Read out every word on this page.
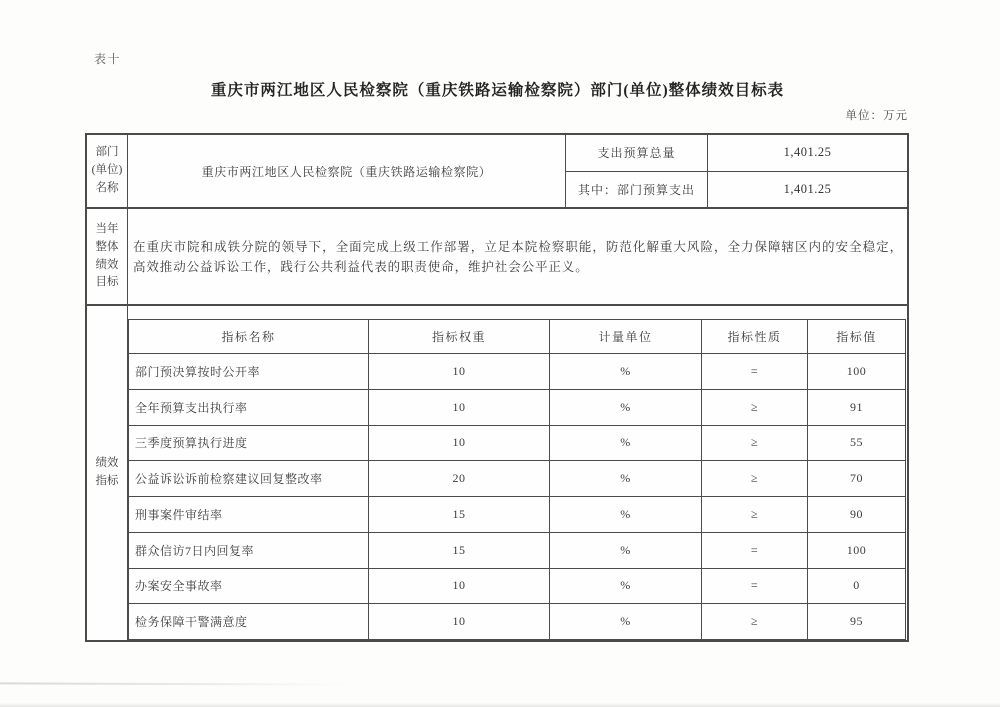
表十
重庆市两江地区人民检察院（重庆铁路运输检察院）部门(单位)整体绩效目标表
单位：万元
部门
(单位)
名称
重庆市两江地区人民检察院（重庆铁路运输检察院）
支出预算总量	1,401.25
其中：部门预算支出	1,401.25
当年
整体
绩效
目标
在重庆市院和成铁分院的领导下，全面完成上级工作部署，立足本院检察职能，防范化解重大风险，全力保障辖区内的安全稳定，高效推动公益诉讼工作，践行公共利益代表的职责使命，维护社会公平正义。
绩效
指标
指标名称	指标权重	计量单位	指标性质	指标值
部门预决算按时公开率	10	%	=	100
全年预算支出执行率	10	%	≥	91
三季度预算执行进度	10	%	≥	55
公益诉讼诉前检察建议回复整改率	20	%	≥	70
刑事案件审结率	15	%	≥	90
群众信访7日内回复率	15	%	=	100
办案安全事故率	10	%	=	0
检务保障干警满意度	10	%	≥	95
